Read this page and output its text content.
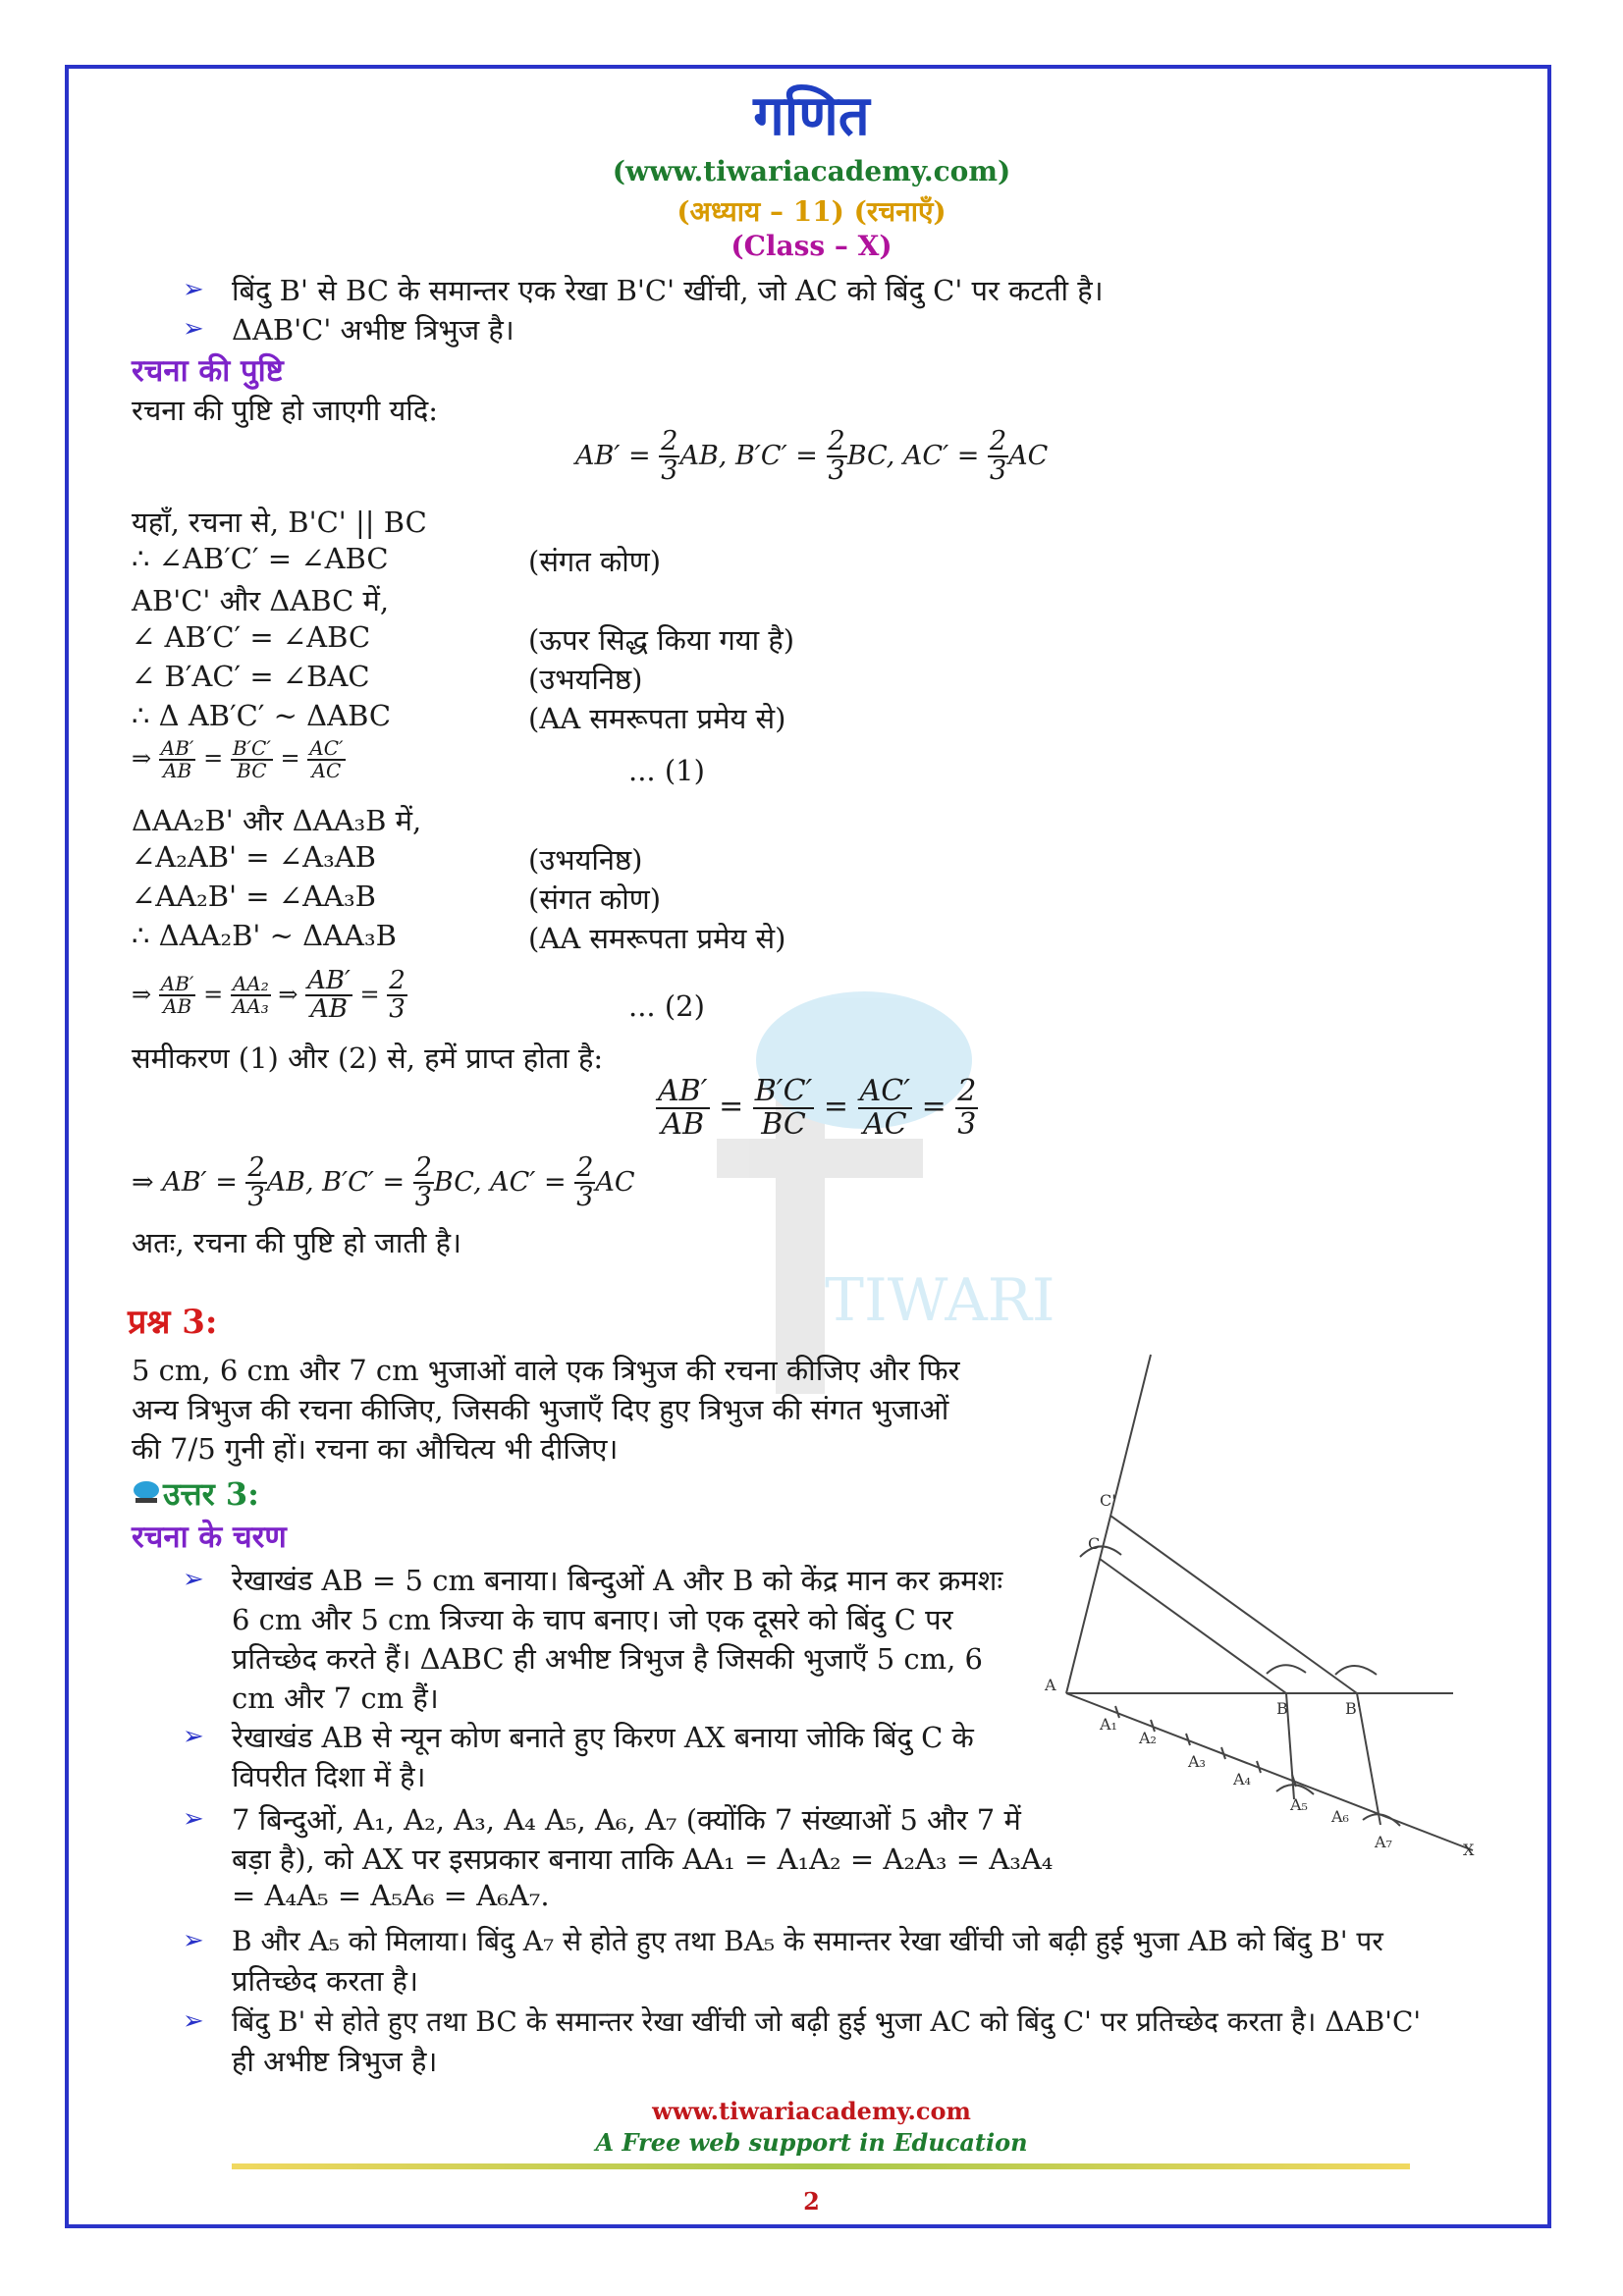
TIWARI
गणित
(www.tiwariacademy.com)
(अध्याय – 11) (रचनाएँ)
(Class – X)
➢ बिंदु B' से BC के समान्तर एक रेखा B'C' खींची, जो AC को बिंदु C' पर कटती है।
➢ ΔAB'C' अभीष्ट त्रिभुज है।
रचना की पुष्टि
रचना की पुष्टि हो जाएगी यदि:
$AB' = \frac{2}{3}$ AB, $B'C' = \frac{2}{3}$ BC, $AC' = \frac{2}{3}$ AC
यहाँ, रचना से, B'C' || BC
∴ ∠AB′C′ = ∠ABC	(संगत कोण)
AB'C' और ΔABC में,
∠ AB′C′ = ∠ABC	(ऊपर सिद्ध किया गया है)
∠ B′AC′ = ∠BAC	(उभयनिष्ठ)
∴ Δ AB′C′ ~ ΔABC	(AA समरूपता प्रमेय से)
⇒ $\frac{AB'}{AB} = \frac{B'C'}{BC} = \frac{AC'}{AC}$	... (1)
ΔAA₂B' और ΔAA₃B में,
∠A₂AB' = ∠A₃AB	(उभयनिष्ठ)
∠AA₂B' = ∠AA₃B	(संगत कोण)
∴ ΔAA₂B' ~ ΔAA₃B	(AA समरूपता प्रमेय से)
⇒ $\frac{AB'}{AB} = \frac{\text{AA₂}}{\text{AA₃}}$ ⇒ $\frac{AB'}{AB} = \frac{2}{3}$	... (2)
समीकरण (1) और (2) से, हमें प्राप्त होता है:
$\frac{AB'}{AB} = \frac{B'C'}{BC} = \frac{AC'}{AC} = \frac{2}{3}$
⇒ $AB' = \frac{2}{3}$ AB, $B'C' = \frac{2}{3}$ BC, $AC' = \frac{2}{3}$ AC
अतः, रचना की पुष्टि हो जाती है।
प्रश्न 3:
5 cm, 6 cm और 7 cm भुजाओं वाले एक त्रिभुज की रचना कीजिए और फिर
अन्य त्रिभुज की रचना कीजिए, जिसकी भुजाएँ दिए हुए त्रिभुज की संगत भुजाओं
की 7/5 गुनी हों। रचना का औचित्य भी दीजिए।
उत्तर 3:
रचना के चरण
➢ रेखाखंड AB = 5 cm बनाया। बिन्दुओं A और B को केंद्र मान कर क्रमशः
6 cm और 5 cm त्रिज्या के चाप बनाए। जो एक दूसरे को बिंदु C पर
प्रतिच्छेद करते हैं। ΔABC ही अभीष्ट त्रिभुज है जिसकी भुजाएँ 5 cm, 6
cm और 7 cm हैं।
➢ रेखाखंड AB से न्यून कोण बनाते हुए किरण AX बनाया जोकि बिंदु C के
विपरीत दिशा में है।
➢ 7 बिन्दुओं, A₁, A₂, A₃, A₄ A₅, A₆, A₇ (क्योंकि 7 संख्याओं 5 और 7 में
बड़ा है), को AX पर इसप्रकार बनाया ताकि AA₁ = A₁A₂ = A₂A₃ = A₃A₄
= A₄A₅ = A₅A₆ = A₆A₇.
➢ B और A₅ को मिलाया। बिंदु A₇ से होते हुए तथा BA₅ के समान्तर रेखा खींची जो बढ़ी हुई भुजा AB को बिंदु B' पर
प्रतिच्छेद करता है।
➢ बिंदु B' से होते हुए तथा BC के समान्तर रेखा खींची जो बढ़ी हुई भुजा AC को बिंदु C' पर प्रतिच्छेद करता है। ΔAB'C'
ही अभीष्ट त्रिभुज है।
A
B	B'
C
C'
X
A₁
A₂
A₃
A₄
A₅
A₆
A₇
www.tiwariacademy.com
A Free web support in Education
2
